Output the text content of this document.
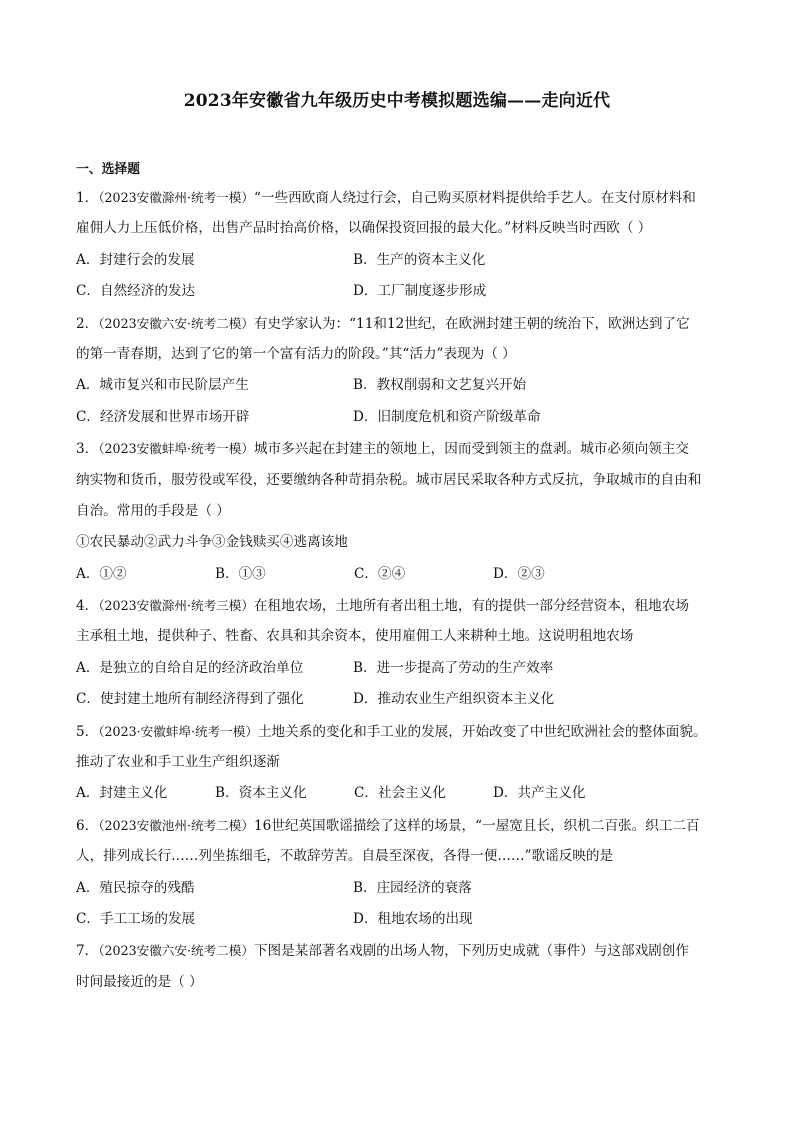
2023年安徽省九年级历史中考模拟题选编——走向近代
一、选择题
1．（2023安徽滁州·统考一模）“一些西欧商人绕过行会，自己购买原材料提供给手艺人。在支付原材料和
雇佣人力上压低价格，出售产品时抬高价格，以确保投资回报的最大化。”材料反映当时西欧（ ）
A．封建行会的发展	B．生产的资本主义化
C．自然经济的发达	D．工厂制度逐步形成
2．（2023安徽六安·统考二模）有史学家认为：“11和12世纪，在欧洲封建王朝的统治下，欧洲达到了它
的第一青春期，达到了它的第一个富有活力的阶段。”其“活力”表现为（ ）
A．城市复兴和市民阶层产生	B．教权削弱和文艺复兴开始
C．经济发展和世界市场开辟	D．旧制度危机和资产阶级革命
3．（2023安徽蚌埠·统考一模）城市多兴起在封建主的领地上，因而受到领主的盘剥。城市必须向领主交
纳实物和货币，服劳役或军役，还要缴纳各种苛捐杂税。城市居民采取各种方式反抗，争取城市的自由和
自治。常用的手段是（ ）
①农民暴动②武力斗争③金钱赎买④逃离该地
A．①②	B．①③	C．②④	D．②③
4．（2023安徽滁州·统考三模）在租地农场，土地所有者出租土地，有的提供一部分经营资本，租地农场
主承租土地，提供种子、牲畜、农具和其余资本，使用雇佣工人来耕种土地。这说明租地农场
A．是独立的自给自足的经济政治单位	B．进一步提高了劳动的生产效率
C．使封建土地所有制经济得到了强化	D．推动农业生产组织资本主义化
5．（2023·安徽蚌埠·统考一模）土地关系的变化和手工业的发展，开始改变了中世纪欧洲社会的整体面貌。
推动了农业和手工业生产组织逐渐
A．封建主义化	B．资本主义化	C．社会主义化	D．共产主义化
6．（2023安徽池州·统考二模）16世纪英国歌谣描绘了这样的场景，“一屋宽且长，织机二百张。织工二百
人，排列成长行……列坐拣细毛，不敢辞劳苦。自晨至深夜，各得一便……”歌谣反映的是
A．殖民掠夺的残酷	B．庄园经济的衰落
C．手工工场的发展	D．租地农场的出现
7．（2023安徽六安·统考二模）下图是某部著名戏剧的出场人物，下列历史成就（事件）与这部戏剧创作
时间最接近的是（ ）
